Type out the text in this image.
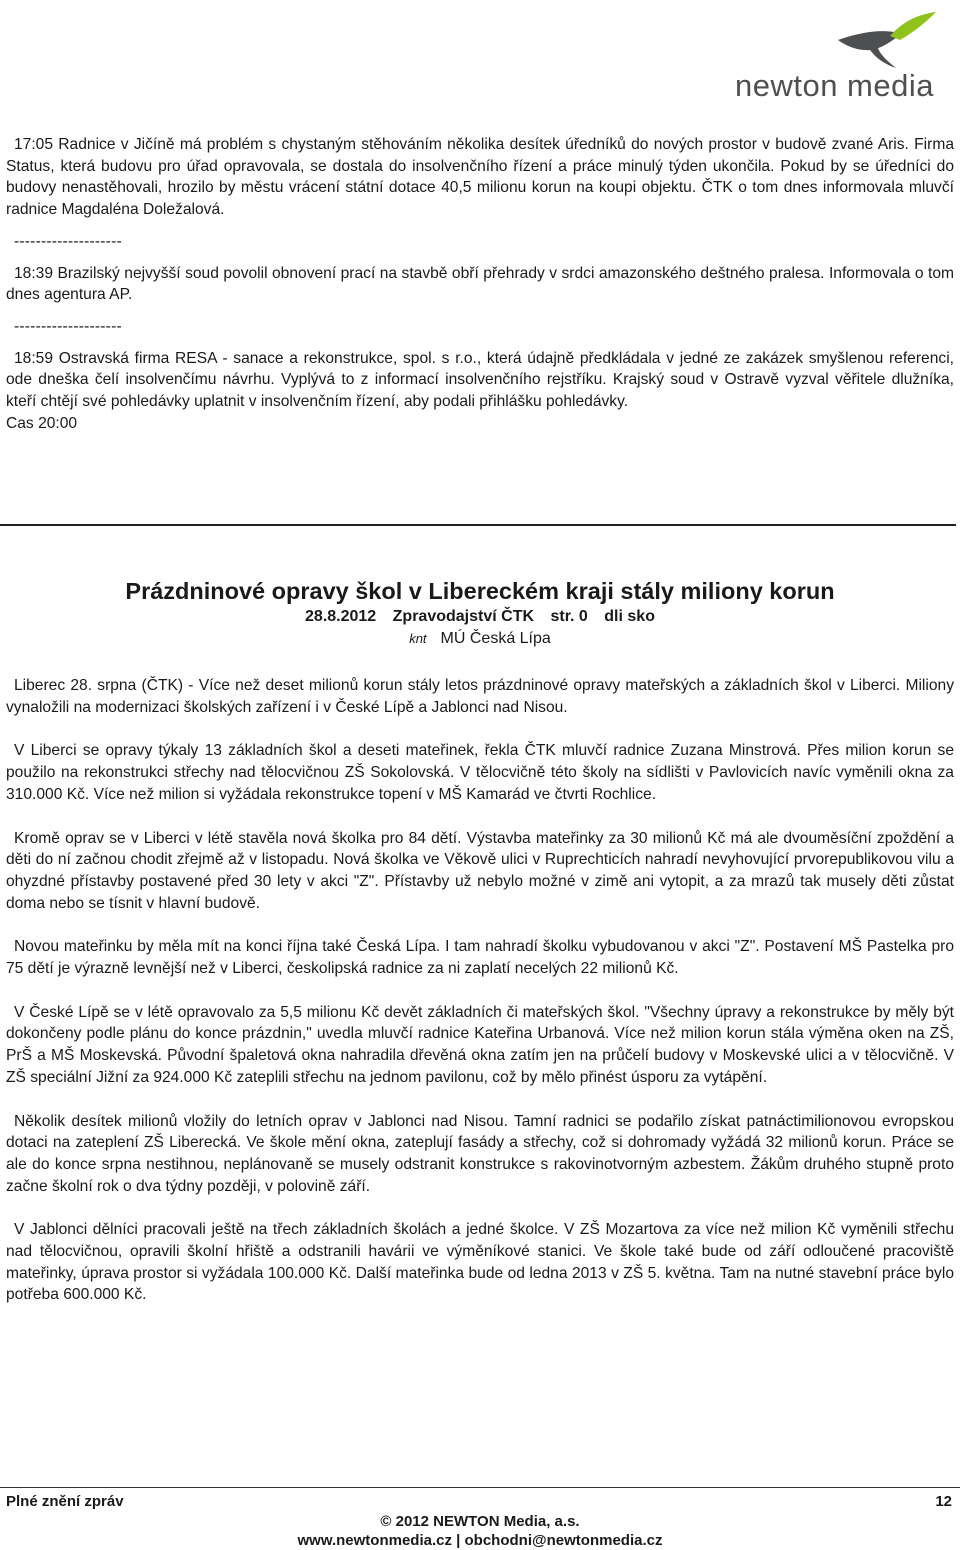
newton media

17:05 Radnice v Jičíně má problém s chystaným stěhováním několika desítek úředníků do nových prostor v budově zvané Aris. Firma Status, která budovu pro úřad opravovala, se dostala do insolvenčního řízení a práce minulý týden ukončila. Pokud by se úředníci do budovy nenastěhovali, hrozilo by městu vrácení státní dotace 40,5 milionu korun na koupi objektu. ČTK o tom dnes informovala mluvčí radnice Magdaléna Doležalová.

--------------------

18:39 Brazilský nejvyšší soud povolil obnovení prací na stavbě obří přehrady v srdci amazonského deštného pralesa. Informovala o tom dnes agentura AP.

--------------------

18:59 Ostravská firma RESA - sanace a rekonstrukce, spol. s r.o., která údajně předkládala v jedné ze zakázek smyšlenou referenci, ode dneška čelí insolvenčímu návrhu. Vyplývá to z informací insolvenčního rejstříku. Krajský soud v Ostravě vyzval věřitele dlužníka, kteří chtějí své pohledávky uplatnit v insolvenčním řízení, aby podali přihlášku pohledávky.

Cas 20:00

Prázdninové opravy škol v Libereckém kraji stály miliony korun
28.8.2012 Zpravodajství ČTK str. 0 dli sko
knt MÚ Česká Lípa

Liberec 28. srpna (ČTK) - Více než deset milionů korun stály letos prázdninové opravy mateřských a základních škol v Liberci. Miliony vynaložili na modernizaci školských zařízení i v České Lípě a Jablonci nad Nisou.

V Liberci se opravy týkaly 13 základních škol a deseti mateřinek, řekla ČTK mluvčí radnice Zuzana Minstrová. Přes milion korun se použilo na rekonstrukci střechy nad tělocvičnou ZŠ Sokolovská. V tělocvičně této školy na sídlišti v Pavlovicích navíc vyměnili okna za 310.000 Kč. Více než milion si vyžádala rekonstrukce topení v MŠ Kamarád ve čtvrti Rochlice.

Kromě oprav se v Liberci v létě stavěla nová školka pro 84 dětí. Výstavba mateřinky za 30 milionů Kč má ale dvouměsíční zpoždění a děti do ní začnou chodit zřejmě až v listopadu. Nová školka ve Věkově ulici v Ruprechticích nahradí nevyhovující prvorepublikovou vilu a ohyzdné přístavby postavené před 30 lety v akci "Z". Přístavby už nebylo možné v zimě ani vytopit, a za mrazů tak musely děti zůstat doma nebo se tísnit v hlavní budově.

Novou mateřinku by měla mít na konci října také Česká Lípa. I tam nahradí školku vybudovanou v akci "Z". Postavení MŠ Pastelka pro 75 dětí je výrazně levnější než v Liberci, českolipská radnice za ni zaplatí necelých 22 milionů Kč.

V České Lípě se v létě opravovalo za 5,5 milionu Kč devět základních či mateřských škol. "Všechny úpravy a rekonstrukce by měly být dokončeny podle plánu do konce prázdnin," uvedla mluvčí radnice Kateřina Urbanová. Více než milion korun stála výměna oken na ZŠ, PrŠ a MŠ Moskevská. Původní špaletová okna nahradila dřevěná okna zatím jen na průčelí budovy v Moskevské ulici a v tělocvičně. V ZŠ speciální Jižní za 924.000 Kč zateplili střechu na jednom pavilonu, což by mělo přinést úsporu za vytápění.

Několik desítek milionů vložily do letních oprav v Jablonci nad Nisou. Tamní radnici se podařilo získat patnáctimilionovou evropskou dotaci na zateplení ZŠ Liberecká. Ve škole mění okna, zateplují fasády a střechy, což si dohromady vyžádá 32 milionů korun. Práce se ale do konce srpna nestihnou, neplánovaně se musely odstranit konstrukce s rakovinotvorným azbestem. Žákům druhého stupně proto začne školní rok o dva týdny později, v polovině září.

V Jablonci dělníci pracovali ještě na třech základních školách a jedné školce. V ZŠ Mozartova za více než milion Kč vyměnili střechu nad tělocvičnou, opravili školní hřiště a odstranili havárii ve výměníkové stanici. Ve škole také bude od září odloučené pracoviště mateřinky, úprava prostor si vyžádala 100.000 Kč. Další mateřinka bude od ledna 2013 v ZŠ 5. května. Tam na nutné stavební práce bylo potřeba 600.000 Kč.

Plné znění zpráv	12
© 2012 NEWTON Media, a.s.
www.newtonmedia.cz | obchodni@newtonmedia.cz
